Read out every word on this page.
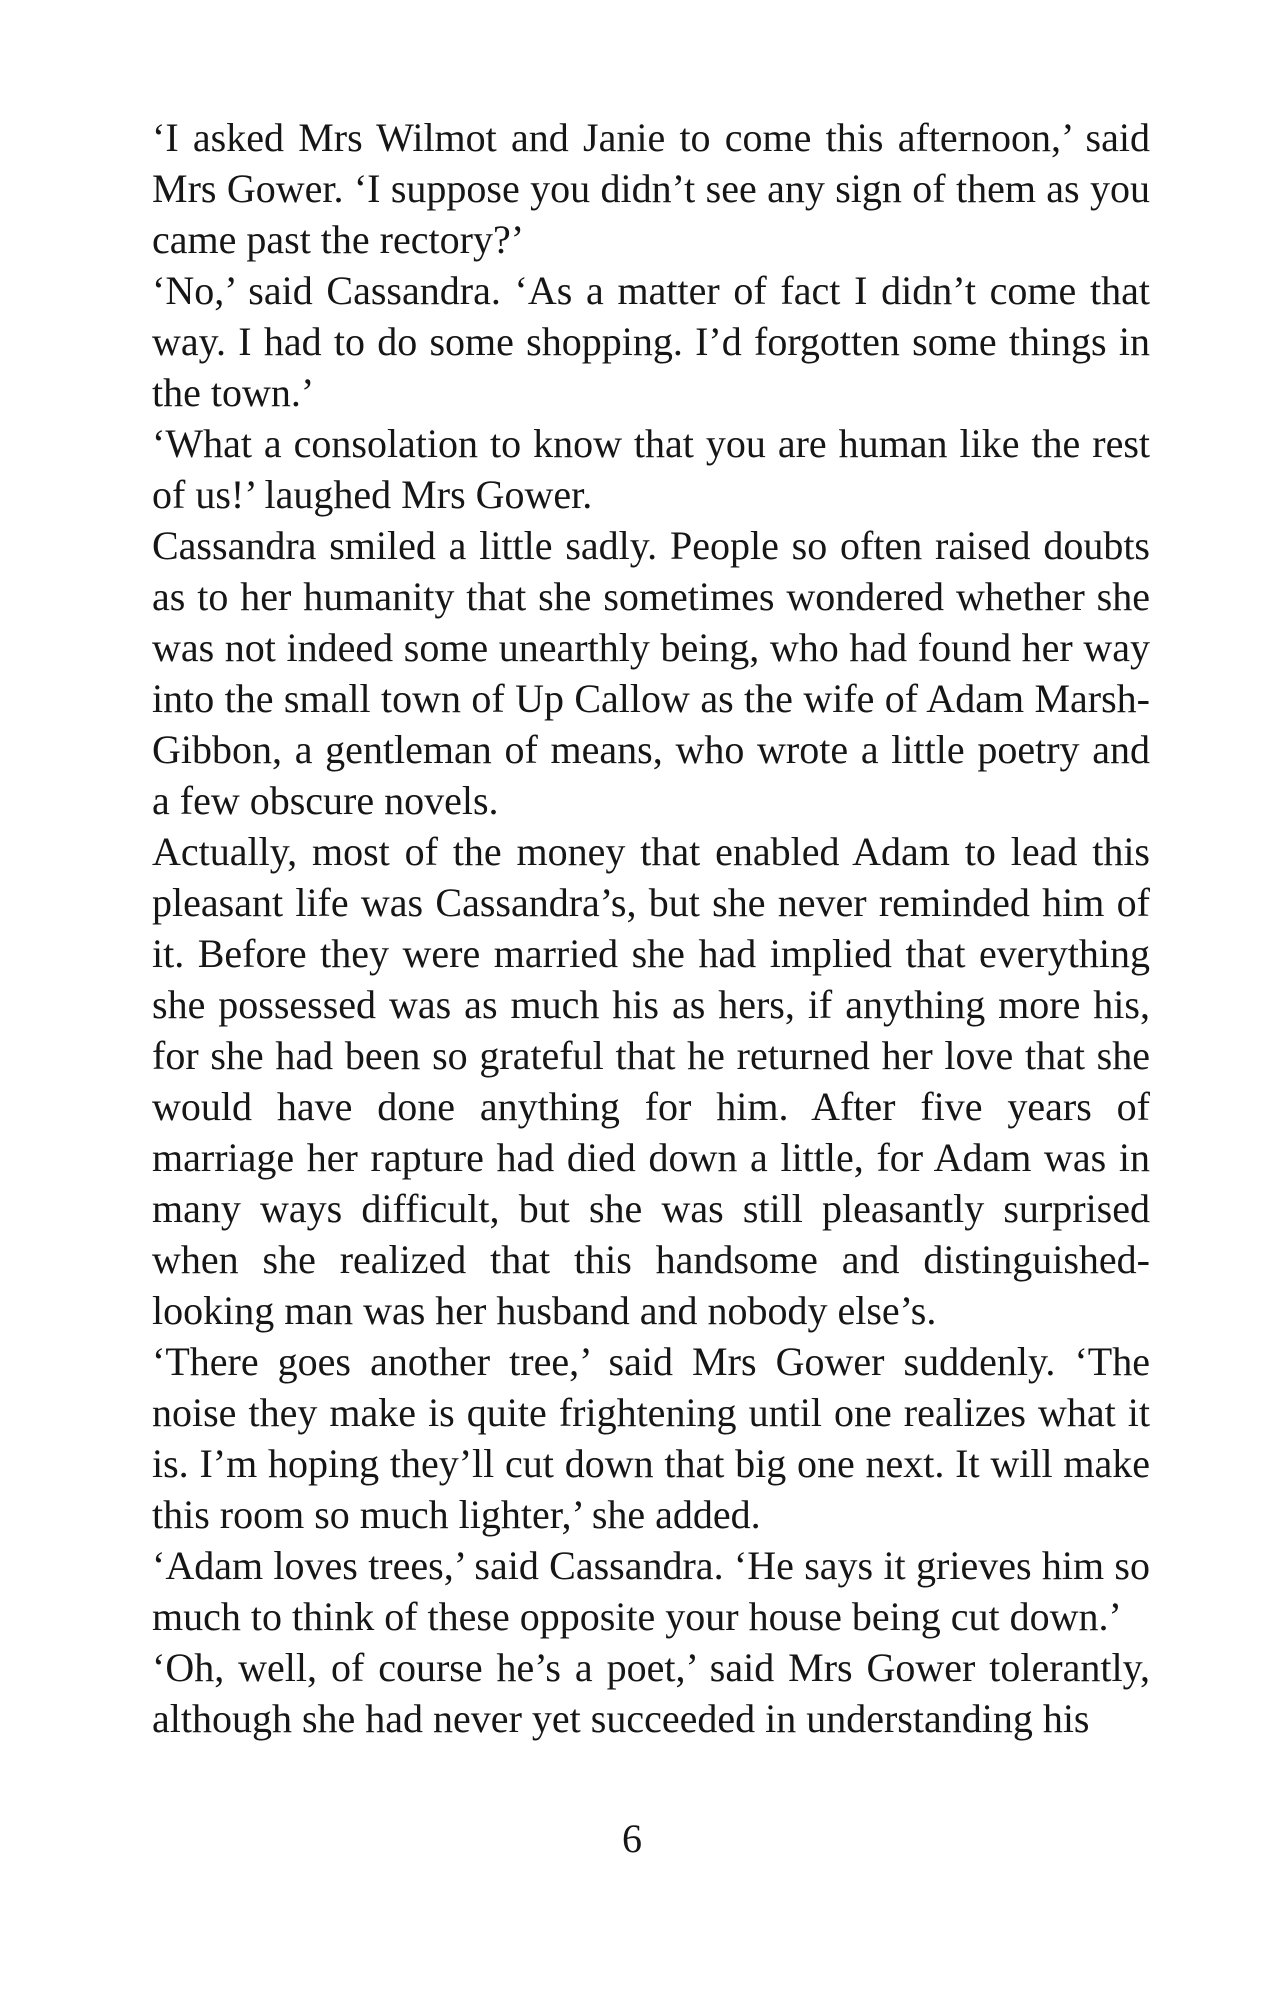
‘I asked Mrs Wilmot and Janie to come this afternoon,’ said Mrs Gower. ‘I suppose you didn’t see any sign of them as you came past the rectory?’

‘No,’ said Cassandra. ‘As a matter of fact I didn’t come that way. I had to do some shopping. I’d forgotten some things in the town.’

‘What a consolation to know that you are human like the rest of us!’ laughed Mrs Gower.

Cassandra smiled a little sadly. People so often raised doubts as to her humanity that she sometimes wondered whether she was not indeed some unearthly being, who had found her way into the small town of Up Callow as the wife of Adam Marsh-Gibbon, a gentleman of means, who wrote a little poetry and a few obscure novels.

Actually, most of the money that enabled Adam to lead this pleasant life was Cassandra’s, but she never reminded him of it. Before they were married she had implied that everything she possessed was as much his as hers, if anything more his, for she had been so grateful that he returned her love that she would have done anything for him. After five years of marriage her rapture had died down a little, for Adam was in many ways difficult, but she was still pleasantly surprised when she realized that this handsome and distinguished-looking man was her husband and nobody else’s.

‘There goes another tree,’ said Mrs Gower suddenly. ‘The noise they make is quite frightening until one realizes what it is. I’m hoping they’ll cut down that big one next. It will make this room so much lighter,’ she added.

‘Adam loves trees,’ said Cassandra. ‘He says it grieves him so much to think of these opposite your house being cut down.’

‘Oh, well, of course he’s a poet,’ said Mrs Gower tolerantly, although she had never yet succeeded in understanding his

6
